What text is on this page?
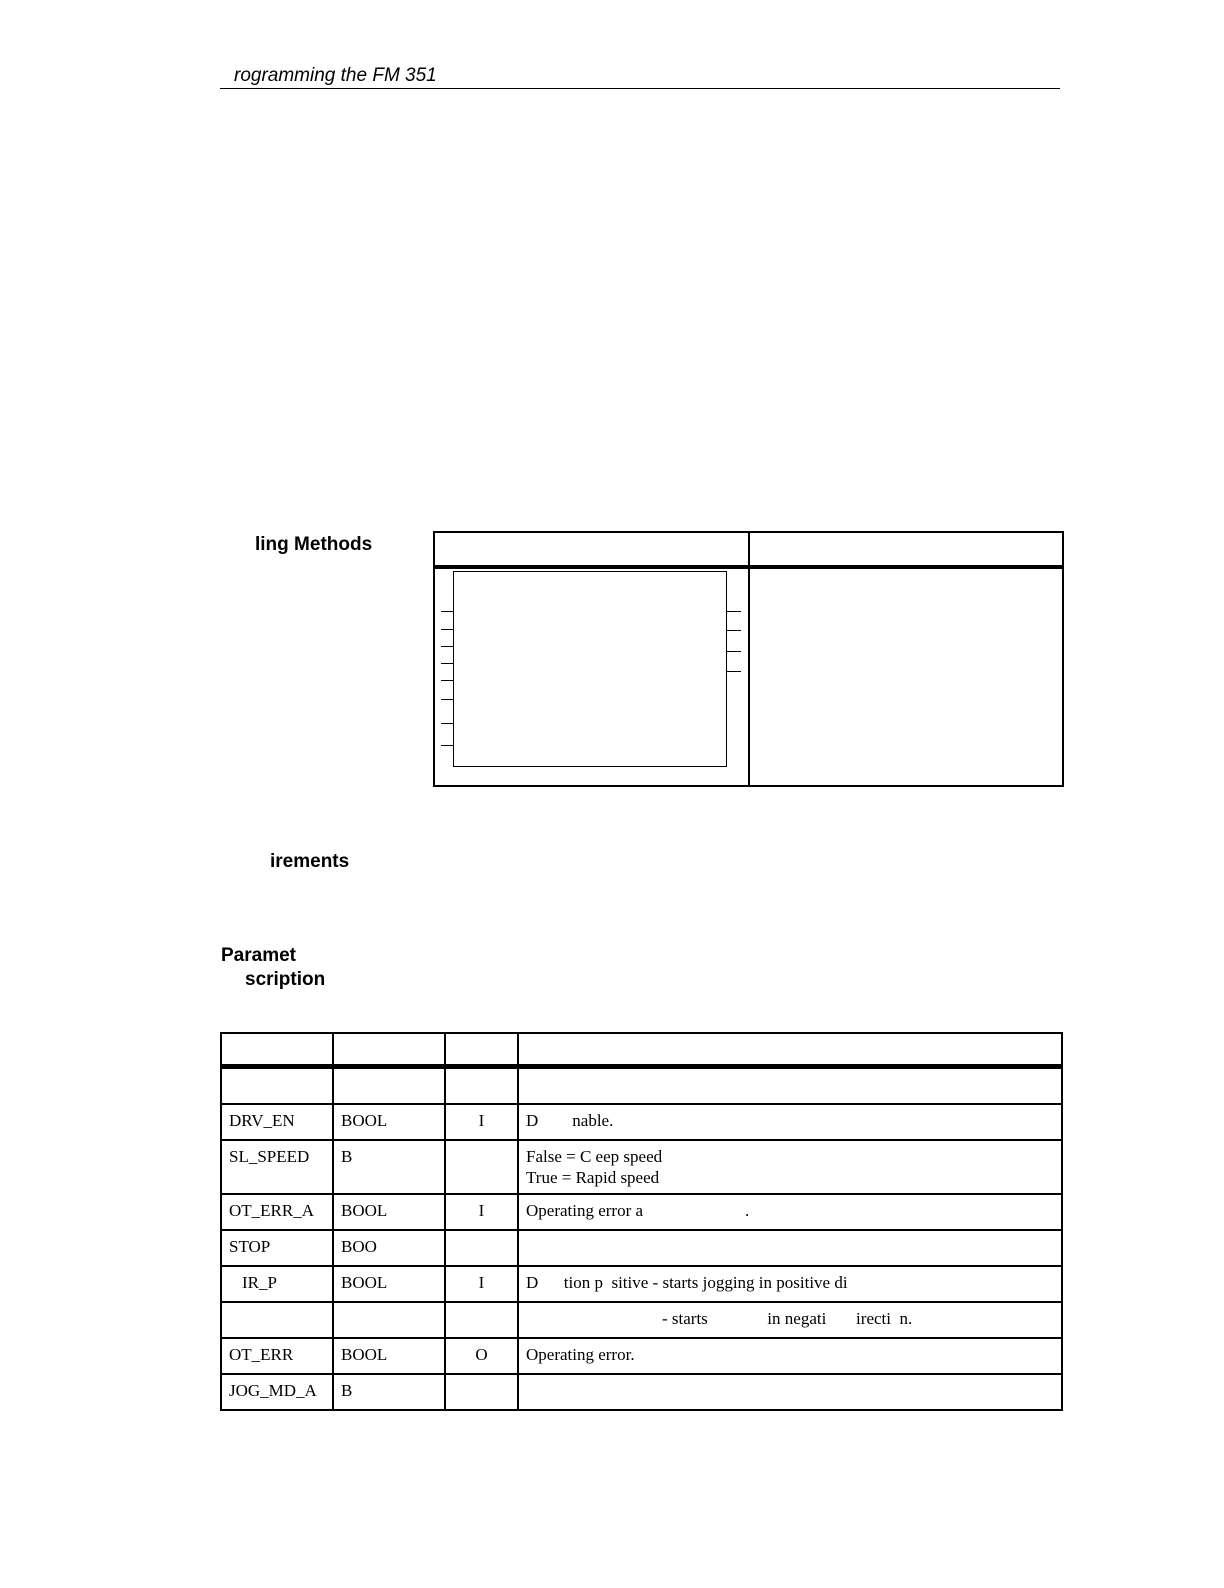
rogramming the FM 351
ling Methods
irements
Paramet
scription

DRV_EN	BOOL	I	D        nable.
SL_SPEED	B		False = C eep speed
True = Rapid speed

OT_ERR_A	BOOL	I	Operating error a                        .
STOP	BOO		
IR_P	BOOL	I	D      tion p  sitive - starts jogging in positive di
			- starts              in negati       irecti  n.
OT_ERR	BOOL	O	Operating error.
JOG_MD_A	B		
